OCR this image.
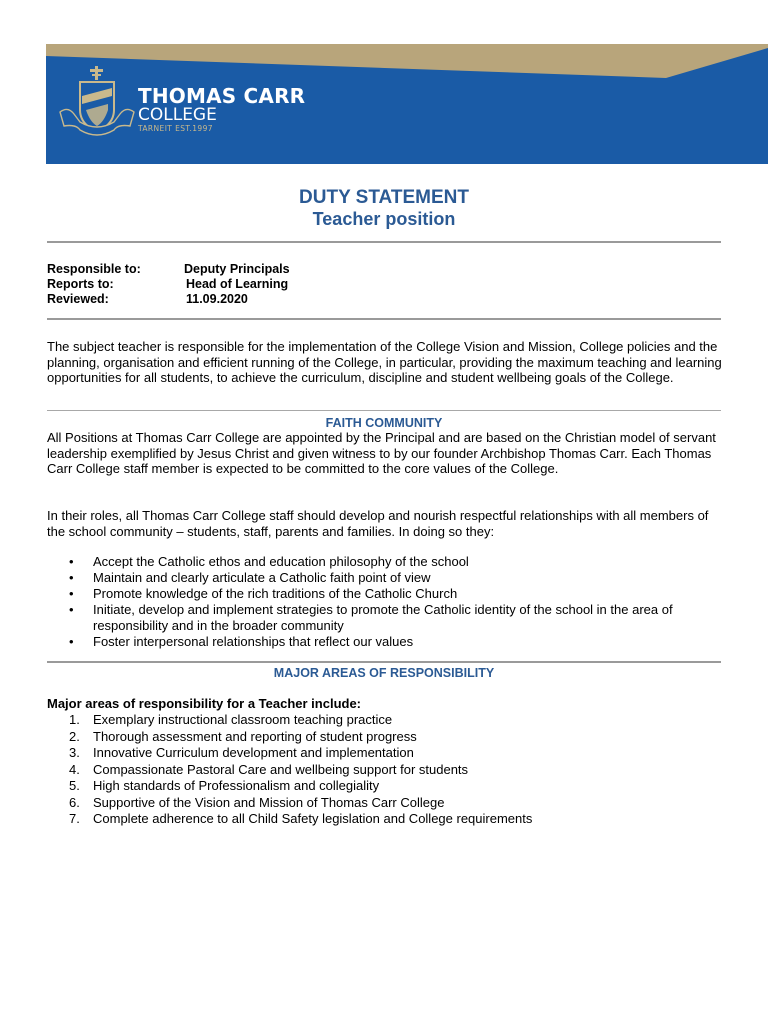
THOMAS CARR
COLLEGE
TARNEIT EST.1997
DUTY STATEMENT
Teacher position
Responsible to:	Deputy Principals
Reports to:	Head of Learning
Reviewed:	11.09.2020
The subject teacher is responsible for the implementation of the College Vision and Mission, College policies and the planning, organisation and efficient running of the College, in particular, providing the maximum teaching and learning opportunities for all students, to achieve the curriculum, discipline and student wellbeing goals of the College.
FAITH COMMUNITY
All Positions at Thomas Carr College are appointed by the Principal and are based on the Christian model of servant leadership exemplified by Jesus Christ and given witness to by our founder Archbishop Thomas Carr. Each Thomas Carr College staff member is expected to be committed to the core values of the College.
In their roles, all Thomas Carr College staff should develop and nourish respectful relationships with all members of the school community – students, staff, parents and families. In doing so they:
• Accept the Catholic ethos and education philosophy of the school
• Maintain and clearly articulate a Catholic faith point of view
• Promote knowledge of the rich traditions of the Catholic Church
• Initiate, develop and implement strategies to promote the Catholic identity of the school in the area of responsibility and in the broader community
• Foster interpersonal relationships that reflect our values
MAJOR AREAS OF RESPONSIBILITY
Major areas of responsibility for a Teacher include:
1. Exemplary instructional classroom teaching practice
2. Thorough assessment and reporting of student progress
3. Innovative Curriculum development and implementation
4. Compassionate Pastoral Care and wellbeing support for students
5. High standards of Professionalism and collegiality
6. Supportive of the Vision and Mission of Thomas Carr College
7. Complete adherence to all Child Safety legislation and College requirements
